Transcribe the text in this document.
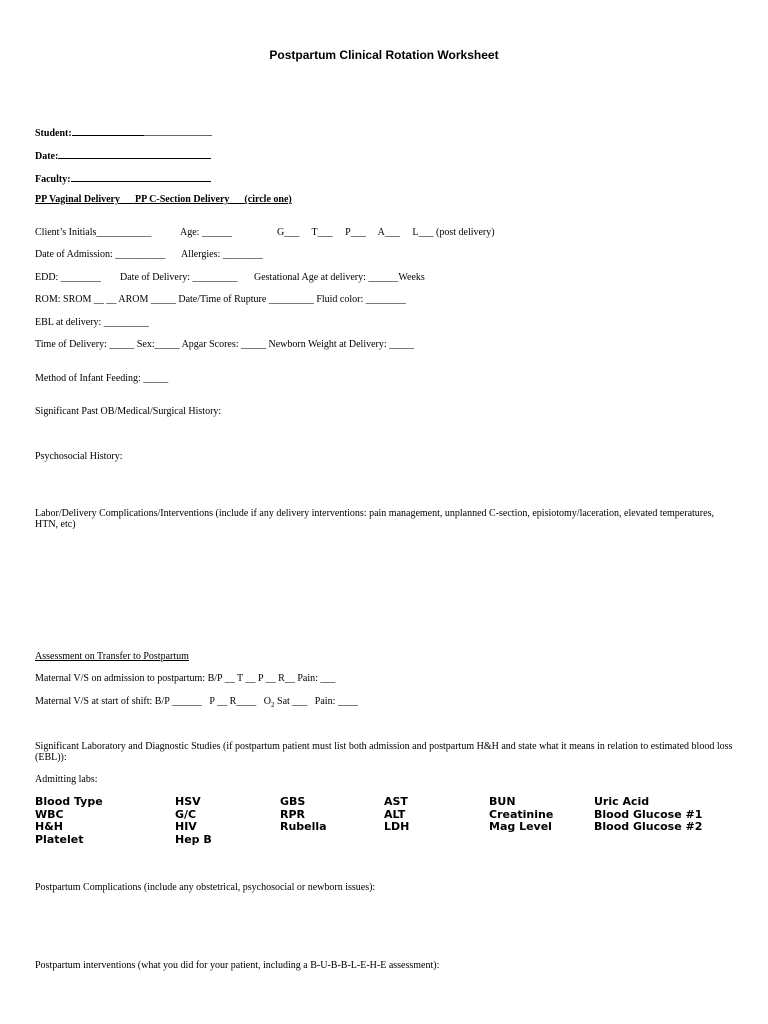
Postpartum Clinical Rotation Worksheet
Student:
Date:
Faculty:
PP Vaginal Delivery PP C-Section Delivery (circle one)
Client’s Initials___________	Age: ______	G___     T___     P___     A___     L___ (post delivery)
Date of Admission: __________ Allergies: ________
EDD: ________ Date of Delivery: _________ Gestational Age at delivery: ______Weeks
ROM: SROM __ __ AROM _____ Date/Time of Rupture _________ Fluid color: ________
EBL at delivery: _________
Time of Delivery: _____ Sex:_____ Apgar Scores: _____ Newborn Weight at Delivery: _____
Method of Infant Feeding: _____
Significant Past OB/Medical/Surgical History:
Psychosocial History:
Labor/Delivery Complications/Interventions (include if any delivery interventions: pain management, unplanned C-section, episiotomy/laceration, elevated temperatures, HTN, etc)
Assessment on Transfer to Postpartum
Maternal V/S on admission to postpartum: B/P __ T __ P __ R__ Pain: ___
Maternal V/S at start of shift: B/P ______   P __ R____   $O_2$ Sat ___   Pain: ____
Significant Laboratory and Diagnostic Studies (if postpartum patient must list both admission and postpartum H&H and state what it means in relation to estimated blood loss (EBL)):
Admitting labs:
Blood Type
WBC
H&H
Platelet
HSV
G/C
HIV
Hep B
GBS
RPR
Rubella
AST
ALT
LDH
BUN
Creatinine
Mag Level
Uric Acid
Blood Glucose #1
Blood Glucose #2
Postpartum Complications (include any obstetrical, psychosocial or newborn issues):
Postpartum interventions (what you did for your patient, including a B-U-B-B-L-E-H-E assessment):
